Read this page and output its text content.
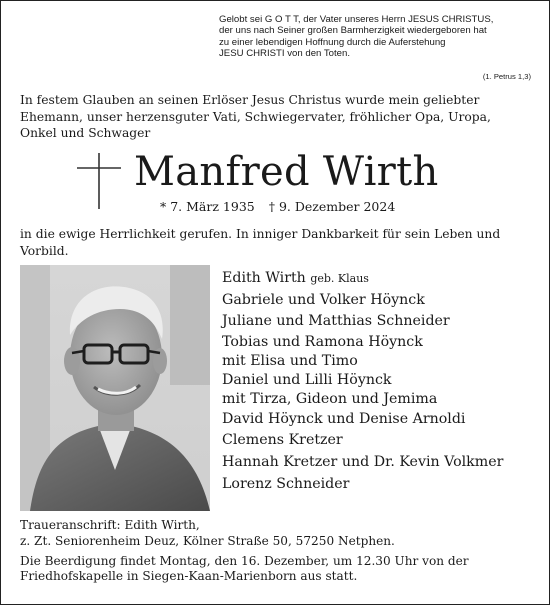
Gelobt sei G O T T, der Vater unseres Herrn JESUS CHRISTUS,
der uns nach Seiner großen Barmherzigkeit wiedergeboren hat
zu einer lebendigen Hoffnung durch die Auferstehung
JESU CHRISTI von den Toten.
(1. Petrus 1,3)
In festem Glauben an seinen Erlöser Jesus Christus wurde mein geliebter
Ehemann, unser herzensguter Vati, Schwiegervater, fröhlicher Opa, Uropa,
Onkel und Schwager
Manfred Wirth
* 7. März 1935 † 9. Dezember 2024
in die ewige Herrlichkeit gerufen. In inniger Dankbarkeit für sein Leben und
Vorbild.
Edith Wirth geb. Klaus
Gabriele und Volker Höynck
Juliane und Matthias Schneider
Tobias und Ramona Höynck
mit Elisa und Timo
Daniel und Lilli Höynck
mit Tirza, Gideon und Jemima
David Höynck und Denise Arnoldi
Clemens Kretzer
Hannah Kretzer und Dr. Kevin Volkmer
Lorenz Schneider
Traueranschrift: Edith Wirth,
z. Zt. Seniorenheim Deuz, Kölner Straße 50, 57250 Netphen.
Die Beerdigung findet Montag, den 16. Dezember, um 12.30 Uhr von der
Friedhofskapelle in Siegen-Kaan-Marienborn aus statt.
